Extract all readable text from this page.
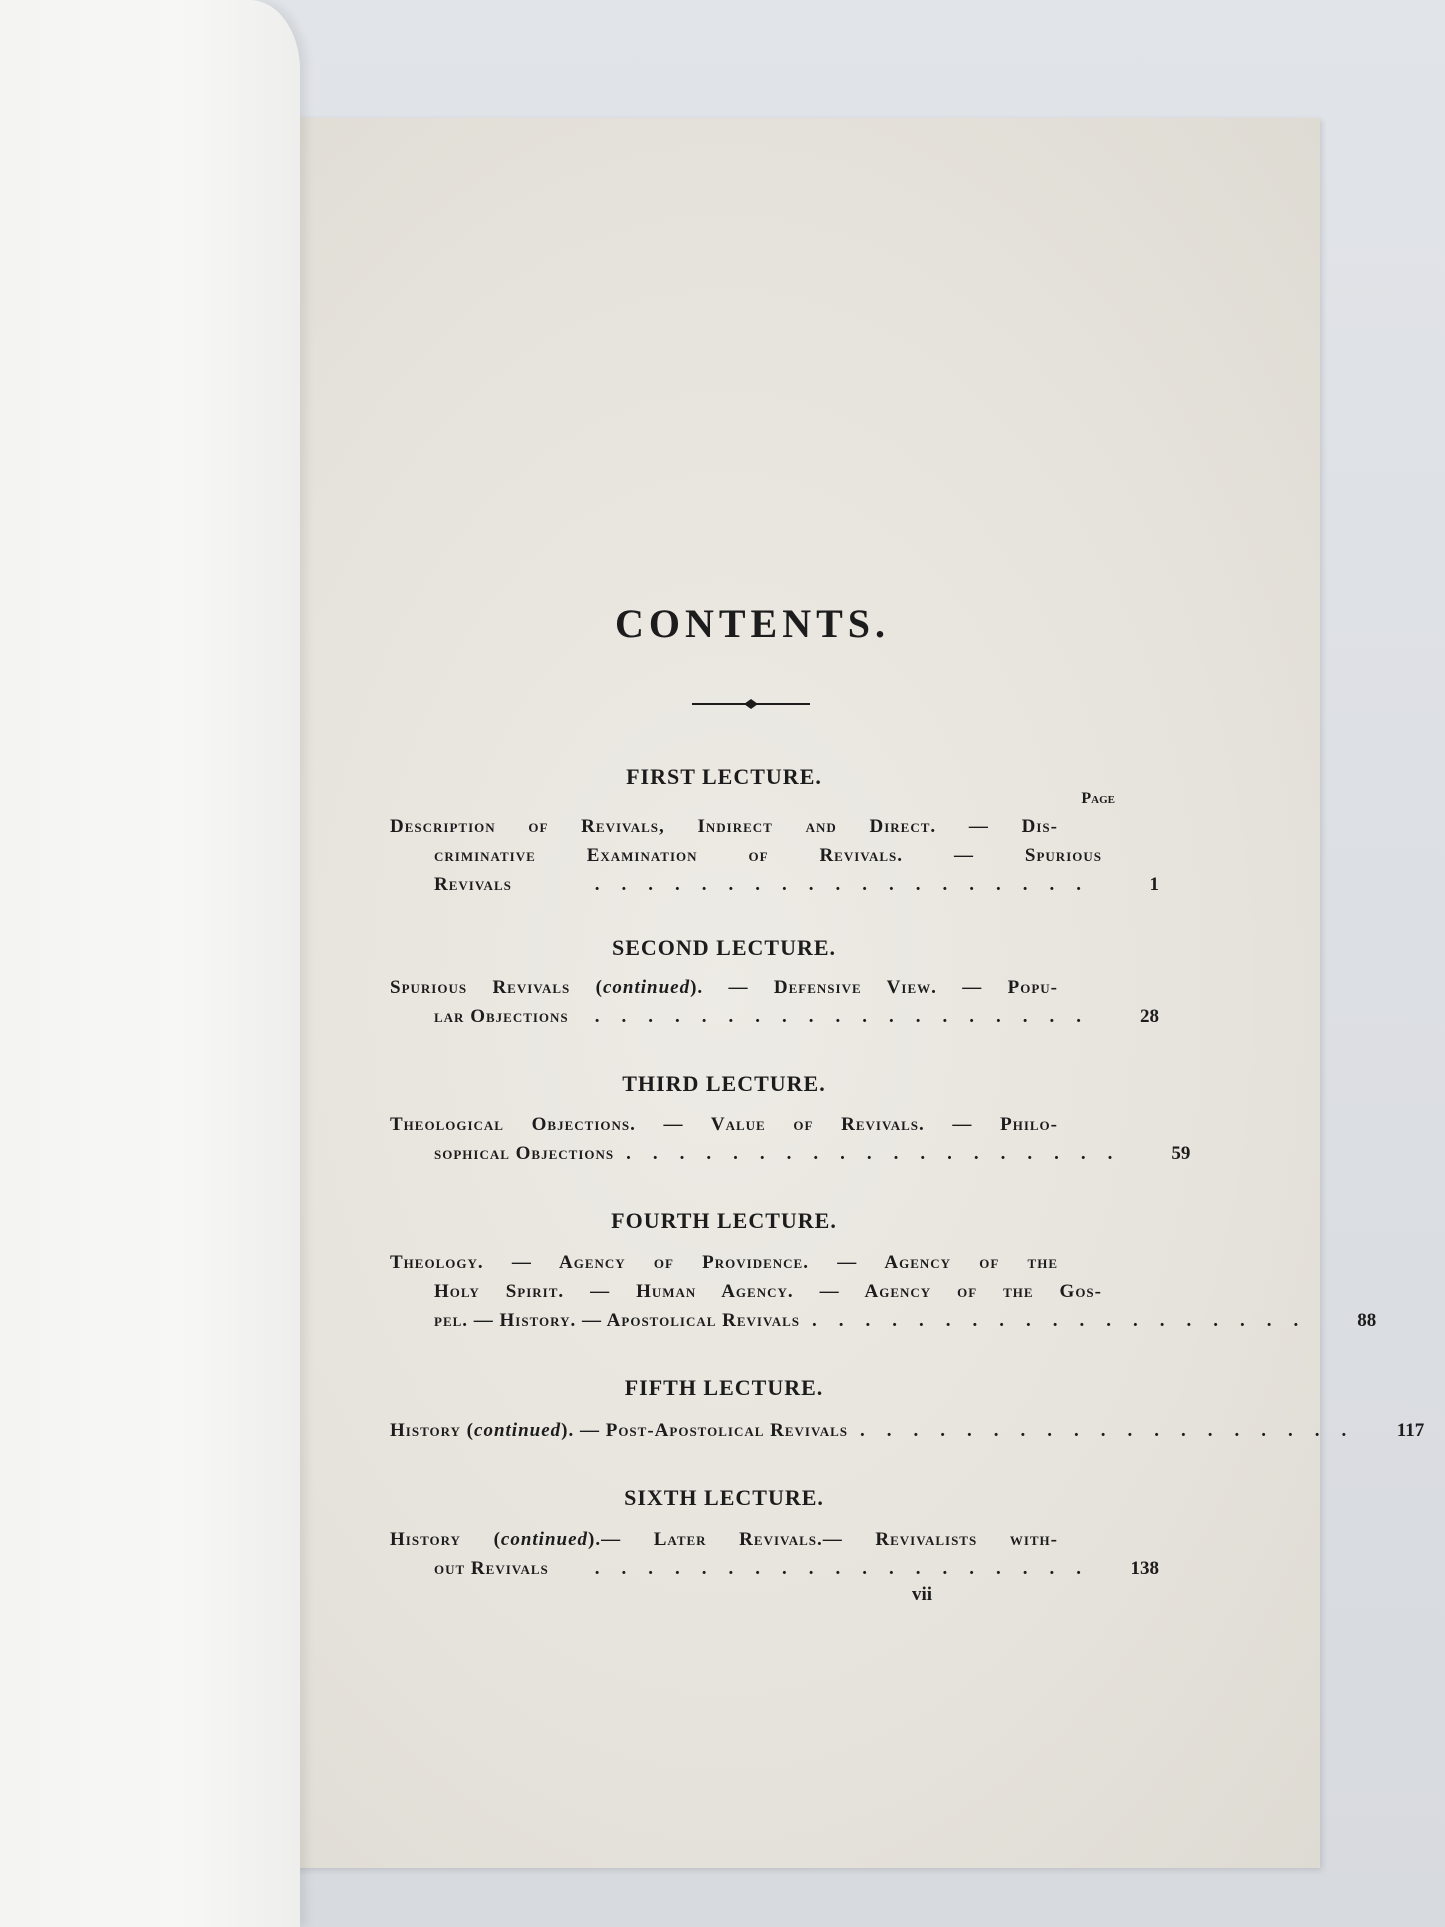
CONTENTS.
FIRST LECTURE.
Page
Description of Revivals, Indirect and Direct. — Dis-
criminative Examination of Revivals. — Spurious
Revivals	...................	1
SECOND LECTURE.
Spurious Revivals (continued). — Defensive View. — Popu-
lar Objections	...................	28
THIRD LECTURE.
Theological Objections. — Value of Revivals. — Philo-
sophical Objections ...................	59
FOURTH LECTURE.
Theology. — Agency of Providence. — Agency of the
Holy Spirit. — Human Agency. — Agency of the Gos-
pel. — History. — Apostolical Revivals ...................	88
FIFTH LECTURE.
History (continued). — Post-Apostolical Revivals ...................	117
SIXTH LECTURE.
History (continued).— Later Revivals.— Revivalists with-
out Revivals	...................	138
vii
